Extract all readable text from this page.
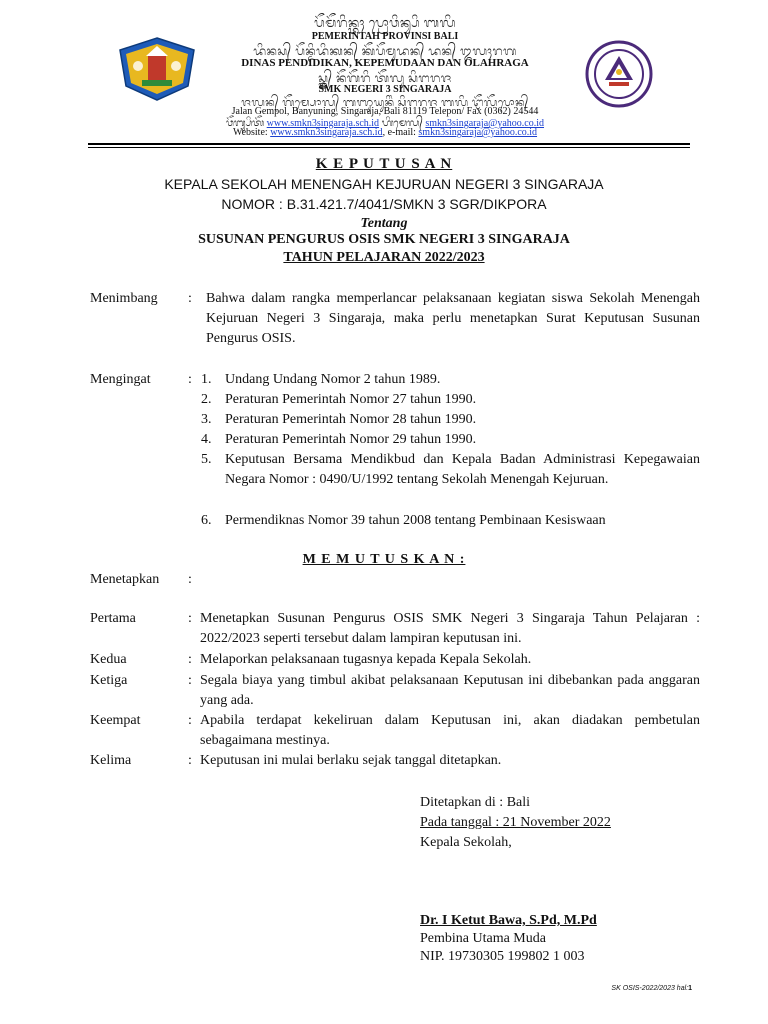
ᬧᭂᬫᭂᬭᬶᬦ᭄ᬢᬄ ᬧ᭄ᬭᭀᬯᬶᬦ᭄ᬲᬶ ᬩᬮᬶ
PEMERINTAH PROVINSI BALI
ᬤᬶᬦᬲ᭄ ᬧᭂᬦ᭄ᬤᬶᬤᬶᬓᬦ᭄ ᬓᭂᬧᭂᬫᬸᬤᬦ᭄ ᬤᬦ᭄ ᬑᬮᬄᬭᬕ
DINAS PENDIDIKAN, KEPEMUDAAN DAN OLAHRAGA
ᬲ᭄ᬫ᭄ᬓ᭄ ᬦᭂᬕᭂᬭᬶ ᬢᭂᬮᬸ ᬲᬶᬗᬭᬚ
SMK NEGERI 3 SINGARAJA
ᬚᬮᬦ᭄ ᬕᭂᬫ᭄ᬧᭀᬮ᭄ ᬩᬜᬸᬬᬸᬦᬶᬂ ᬲᬶᬗᬭᬚ ᬩᬮᬶ ᬝᭂᬮᭂᬧᭀᬦ᭄
Jalan Gempol, Banyuning, Singaraja, Bali 81119 Telepon/ Fax (0362) 24544
ᬯᭂᬩ᭄ᬲᬶᬢᭂ www.smkn3singaraja.sch.id ᬳᬶᬫᬾᬮ᭄ smkn3singaraja@yahoo.co.id
Website: www.smkn3singaraja.sch.id, e-mail: smkn3singaraja@yahoo.co.id
K E P U T U S A N
KEPALA SEKOLAH MENENGAH KEJURUAN NEGERI 3 SINGARAJA
NOMOR : B.31.421.7/4041/SMKN 3 SGR/DIKPORA
Tentang
SUSUNAN PENGURUS OSIS SMK NEGERI 3 SINGARAJA
TAHUN PELAJARAN 2022/2023
Menimbang	: Bahwa dalam rangka memperlancar pelaksanaan kegiatan siswa Sekolah Menengah Kejuruan Negeri 3 Singaraja, maka perlu menetapkan Surat Keputusan Susunan Pengurus OSIS.
Mengingat	: 1. Undang Undang Nomor 2 tahun 1989.
2. Peraturan Pemerintah Nomor 27 tahun 1990.
3. Peraturan Pemerintah Nomor 28 tahun 1990.
4. Peraturan Pemerintah Nomor 29 tahun 1990.
5. Keputusan Bersama Mendikbud dan Kepala Badan Administrasi Kepegawaian Negara Nomor : 0490/U/1992 tentang Sekolah Menengah Kejuruan.
6. Permendiknas Nomor 39 tahun 2008 tentang Pembinaan Kesiswaan
M E M U T U S K A N :
Menetapkan	:
Pertama	: Menetapkan Susunan Pengurus OSIS SMK Negeri 3 Singaraja Tahun Pelajaran : 2022/2023 seperti tersebut dalam lampiran keputusan ini.
Kedua	: Melaporkan pelaksanaan tugasnya kepada Kepala Sekolah.
Ketiga	: Segala biaya yang timbul akibat pelaksanaan Keputusan ini dibebankan pada anggaran yang ada.
Keempat	: Apabila terdapat kekeliruan dalam Keputusan ini, akan diadakan pembetulan sebagaimana mestinya.
Kelima	: Keputusan ini mulai berlaku sejak tanggal ditetapkan.
Ditetapkan di : Bali
Pada tanggal : 21 November 2022
Kepala Sekolah,
Dr. I Ketut Bawa, S.Pd, M.Pd
Pembina Utama Muda
NIP. 19730305 199802 1 003
SK OSIS-2022/2023 hal:1
